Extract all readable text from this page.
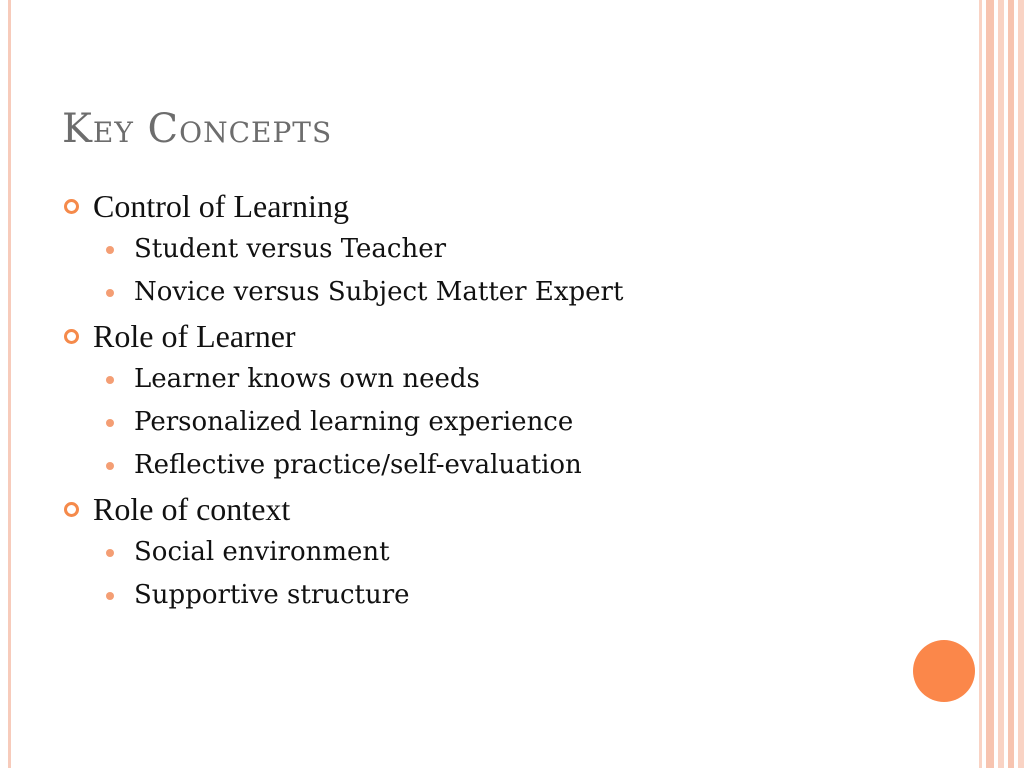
Key Concepts
Control of Learning
Student versus Teacher
Novice versus Subject Matter Expert
Role of Learner
Learner knows own needs
Personalized learning experience
Reflective practice/self-evaluation
Role of context
Social environment
Supportive structure
